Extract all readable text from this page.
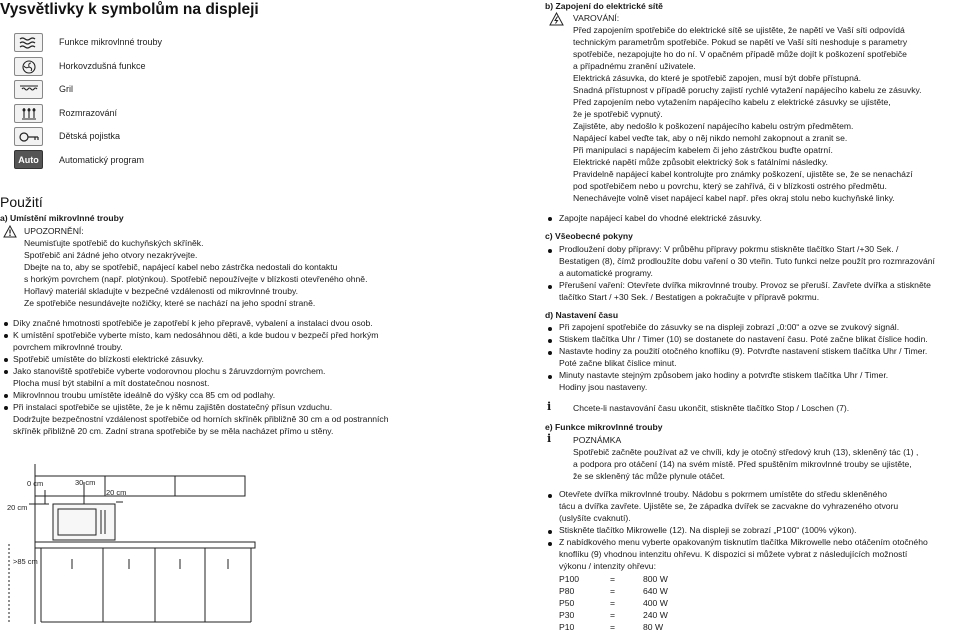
Vysvětlivky k symbolům na displeji
Funkce mikrovlnné trouby
Horkovzdušná funkce
Gril
Rozmrazování
Dětská pojistka
Auto Automatický program
Použití
a) Umístění mikrovlnné trouby
UPOZORNĚNÍ:
Neumisťujte spotřebič do kuchyňských skříněk.
Spotřebič ani žádné jeho otvory nezakrývejte.
Dbejte na to, aby se spotřebič, napájecí kabel nebo zástrčka nedostali do kontaktu
s horkým povrchem (např. plotýnkou). Spotřebič nepoužívejte v blízkosti otevřeného ohně.
Hořlavý materiál skladujte v bezpečné vzdálenosti od mikrovlnné trouby.
Ze spotřebiče nesundávejte nožičky, které se nachází na jeho spodní straně.
Díky značné hmotnosti spotřebiče je zapotřebí k jeho přepravě, vybalení a instalaci dvou osob.
K umístění spotřebiče vyberte místo, kam nedosáhnou děti, a kde budou v bezpečí před horkým
povrchem mikrovlnné trouby.
Spotřebič umístěte do blízkosti elektrické zásuvky.
Jako stanoviště spotřebiče vyberte vodorovnou plochu s žáruvzdorným povrchem.
Plocha musí být stabilní a mít dostatečnou nosnost.
Mikrovlnnou troubu umístěte ideálně do výšky cca 85 cm od podlahy.
Při instalaci spotřebiče se ujistěte, že je k němu zajištěn dostatečný přísun vzduchu.
Dodržujte bezpečnostní vzdálenost spotřebiče od horních skříněk přibližně 30 cm a od postranních
skříněk přibližně 20 cm. Zadní strana spotřebiče by se měla nacházet přímo u stěny.
0 cm	30 cm
20 cm
20 cm
>85 cm
b) Zapojení do elektrické sítě
VAROVÁNÍ:
Před zapojením spotřebiče do elektrické sítě se ujistěte, že napětí ve Vaší síti odpovídá
technickým parametrům spotřebiče. Pokud se napětí ve Vaší síti neshoduje s parametry
spotřebiče, nezapojujte ho do ní. V opačném případě může dojít k poškození spotřebiče
a případnému zranění uživatele.
Elektrická zásuvka, do které je spotřebič zapojen, musí být dobře přístupná.
Snadná přístupnost v případě poruchy zajistí rychlé vytažení napájecího kabelu ze zásuvky.
Před zapojením nebo vytažením napájecího kabelu z elektrické zásuvky se ujistěte,
že je spotřebič vypnutý.
Zajistěte, aby nedošlo k poškození napájecího kabelu ostrým předmětem.
Napájecí kabel veďte tak, aby o něj nikdo nemohl zakopnout a zranit se.
Při manipulaci s napájecím kabelem či jeho zástrčkou buďte opatrní.
Elektrické napětí může způsobit elektrický šok s fatálními následky.
Pravidelně napájecí kabel kontrolujte pro známky poškození, ujistěte se, že se nenachází
pod spotřebičem nebo u povrchu, který se zahřívá, či v blízkosti ostrého předmětu.
Nenechávejte volně viset napájecí kabel např. přes okraj stolu nebo kuchyňské linky.
Zapojte napájecí kabel do vhodné elektrické zásuvky.
c) Všeobecné pokyny
Prodloužení doby přípravy: V průběhu přípravy pokrmu stiskněte tlačítko Start /+30 Sek. /
Bestatigen (8), čímž prodloužíte dobu vaření o 30 vteřin. Tuto funkci nelze použít pro rozmrazování
a automatické programy.
Přerušení vaření: Otevřete dvířka mikrovlnné trouby. Provoz se přeruší. Zavřete dvířka a stiskněte
tlačítko Start / +30 Sek. / Bestatigen a pokračujte v přípravě pokrmu.
d) Nastavení času
Při zapojení spotřebiče do zásuvky se na displeji zobrazí „0:00“ a ozve se zvukový signál.
Stiskem tlačítka Uhr / Timer (10) se dostanete do nastavení času. Poté začne blikat číslice hodin.
Nastavte hodiny za použití otočného knoflíku (9). Potvrďte nastavení stiskem tlačítka Uhr / Timer.
Poté začne blikat číslice minut.
Minuty nastavte stejným způsobem jako hodiny a potvrďte stiskem tlačítka Uhr / Timer.
Hodiny jsou nastaveny.
i	Chcete-li nastavování času ukončit, stiskněte tlačítko Stop / Loschen (7).
e) Funkce mikrovlnné trouby
i	POZNÁMKA
Spotřebič začněte používat až ve chvíli, kdy je otočný středový kruh (13), skleněný tác (1) ,
a podpora pro otáčení (14) na svém místě. Před spuštěním mikrovlnné trouby se ujistěte,
že se skleněný tác může plynule otáčet.
Otevřete dvířka mikrovlnné trouby. Nádobu s pokrmem umístěte do středu skleněného
tácu a dvířka zavřete. Ujistěte se, že západka dvířek se zacvakne do vyhrazeného otvoru
(uslyšíte cvaknutí).
Stiskněte tlačítko Mikrowelle (12). Na displeji se zobrazí „P100“ (100% výkon).
Z nabídkového menu vyberte opakovaným tisknutím tlačítka Mikrowelle nebo otáčením otočného
knoflíku (9) vhodnou intenzitu ohřevu. K dispozici si můžete vybrat z následujících možností
výkonu / intenzity ohřevu:
P100	=	800 W
P80	=	640 W
P50	=	400 W
P30	=	240 W
P10	=	80 W
